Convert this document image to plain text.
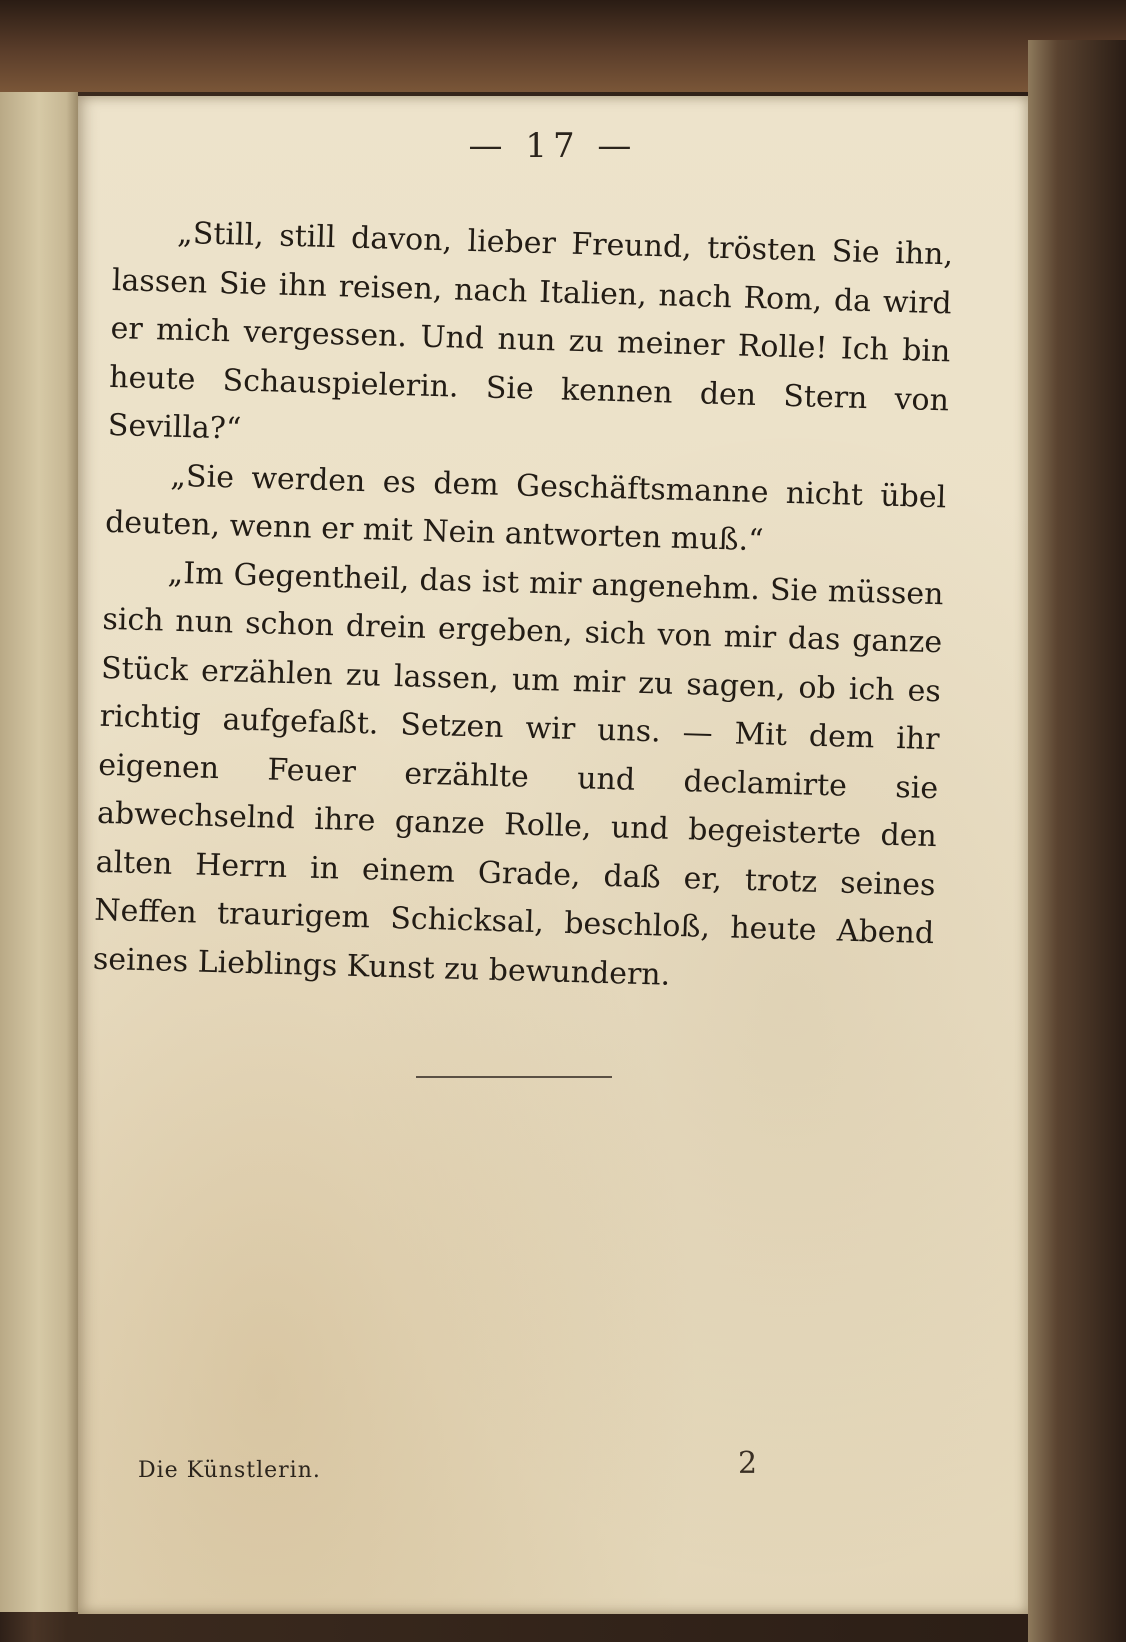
— 17 —

„Still, still davon, lieber Freund, trösten Sie ihn, lassen Sie ihn reisen, nach Italien, nach Rom, da wird er mich vergessen. Und nun zu meiner Rolle! Ich bin heute Schauspielerin. Sie kennen den Stern von Sevilla?“

„Sie werden es dem Geschäftsmanne nicht übel deuten, wenn er mit Nein antworten muß.“

„Im Gegentheil, das ist mir angenehm. Sie müssen sich nun schon drein ergeben, sich von mir das ganze Stück erzählen zu lassen, um mir zu sagen, ob ich es richtig aufgefaßt. Setzen wir uns. — Mit dem ihr eigenen Feuer erzählte und declamirte sie abwechselnd ihre ganze Rolle, und begeisterte den alten Herrn in einem Grade, daß er, trotz seines Neffen traurigem Schicksal, beschloß, heute Abend seines Lieblings Kunst zu bewundern.

Die Künstlerin.	2
